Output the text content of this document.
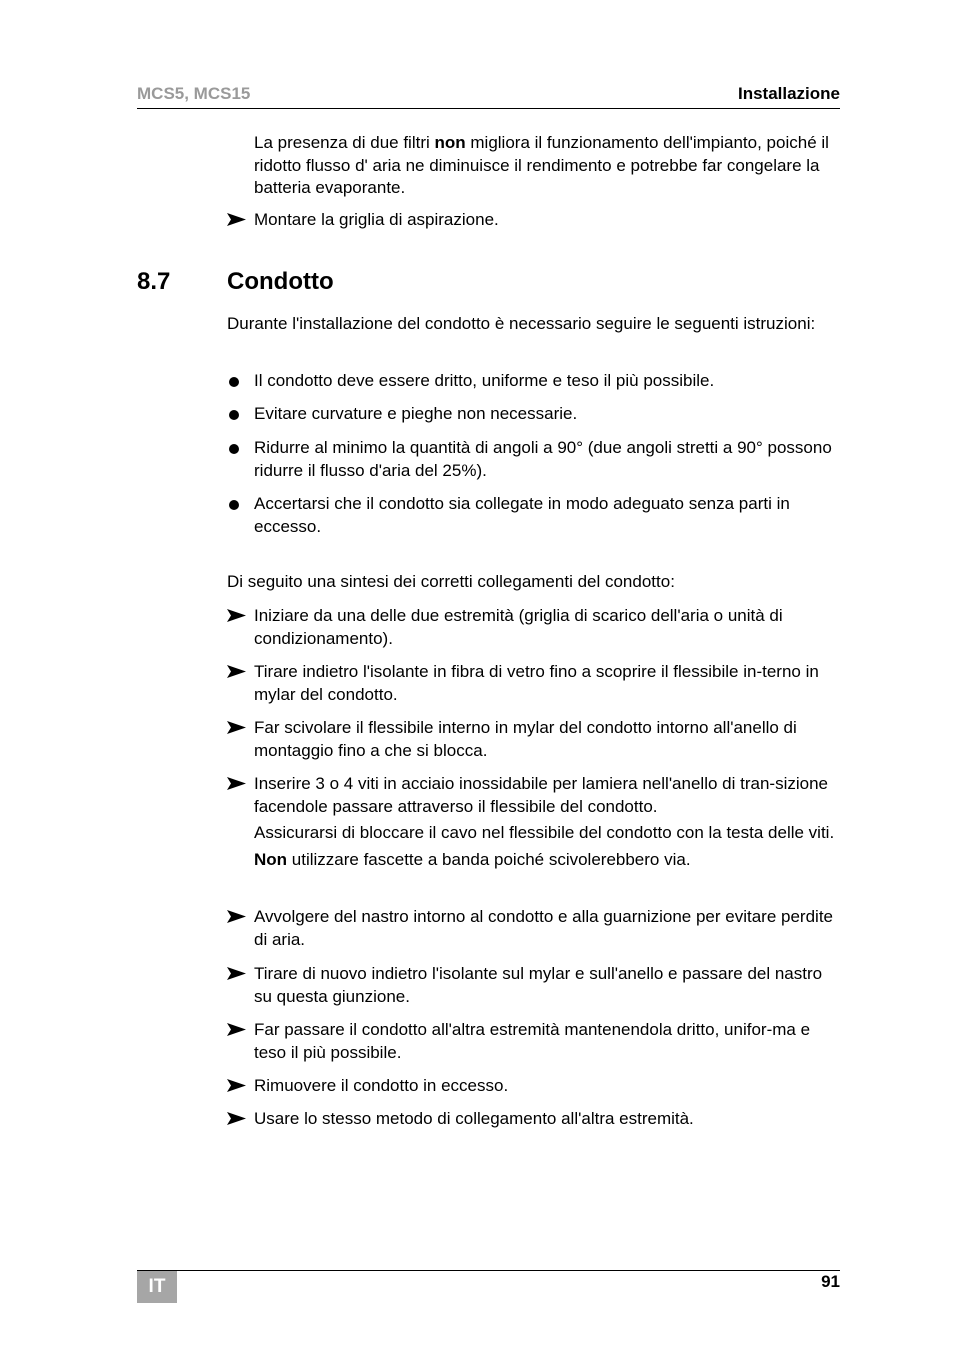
MCS5, MCS15	Installazione

La presenza di due filtri non migliora il funzionamento dell'impianto, poiché il ridotto flusso d' aria ne diminuisce il rendimento e potrebbe far congelare la batteria evaporante.

Montare la griglia di aspirazione.
8.7 Condotto

Durante l'installazione del condotto è necessario seguire le seguenti istruzioni:

Il condotto deve essere dritto, uniforme e teso il più possibile.
Evitare curvature e pieghe non necessarie.
Ridurre al minimo la quantità di angoli a 90° (due angoli stretti a 90° possono ridurre il flusso d'aria del 25%).
Accertarsi che il condotto sia collegate in modo adeguato senza parti in eccesso.

Di seguito una sintesi dei corretti collegamenti del condotto:

Iniziare da una delle due estremità (griglia di scarico dell'aria o unità di condizionamento).
Tirare indietro l'isolante in fibra di vetro fino a scoprire il flessibile in-terno in mylar del condotto.
Far scivolare il flessibile interno in mylar del condotto intorno all'anello di montaggio fino a che si blocca.
Inserire 3 o 4 viti in acciaio inossidabile per lamiera nell'anello di tran-sizione facendole passare attraverso il flessibile del condotto.
Assicurarsi di bloccare il cavo nel flessibile del condotto con la testa delle viti.
Non utilizzare fascette a banda poiché scivolerebbero via.
Avvolgere del nastro intorno al condotto e alla guarnizione per evitare perdite di aria.
Tirare di nuovo indietro l'isolante sul mylar e sull'anello e passare del nastro su questa giunzione.
Far passare il condotto all'altra estremità mantenendola dritto, unifor-ma e teso il più possibile.
Rimuovere il condotto in eccesso.
Usare lo stesso metodo di collegamento all'altra estremità.
IT	91
